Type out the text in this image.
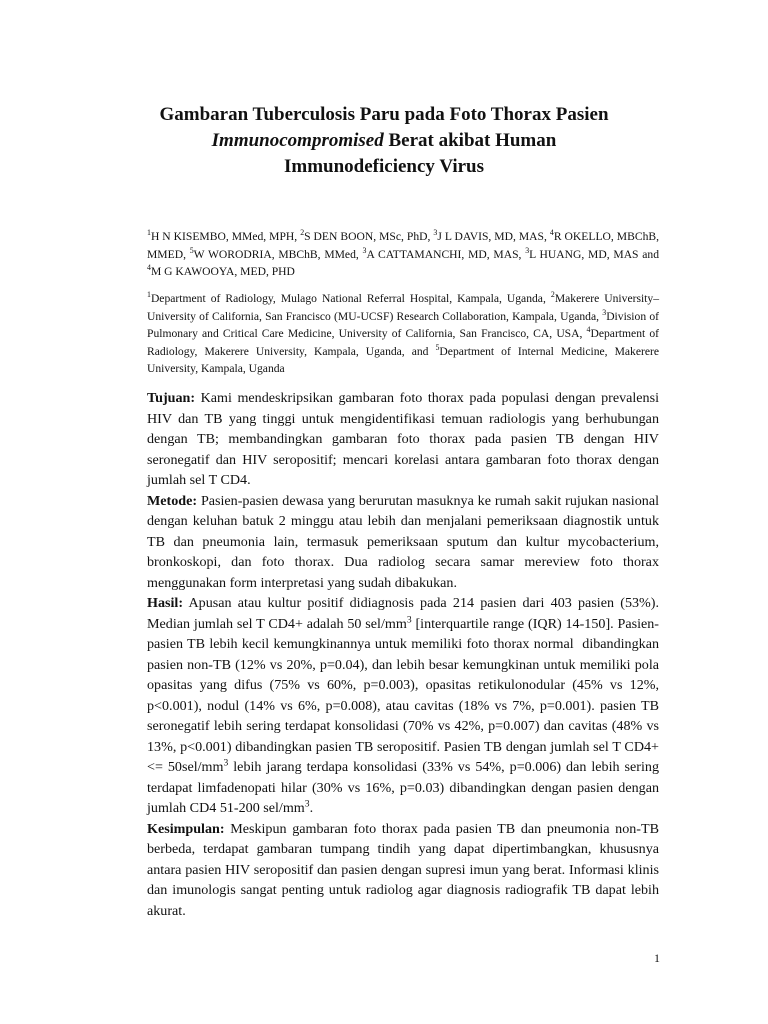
Gambaran Tuberculosis Paru pada Foto Thorax Pasien
Immunocompromised Berat akibat Human
Immunodeficiency Virus
$^1$H N KISEMBO, MMed, MPH, $^2$S DEN BOON, MSc, PhD, $^3$J L DAVIS, MD, MAS, $^4$R OKELLO, MBChB, MMED, $^5$W WORODRIA, MBChB, MMed, $^3$A CATTAMANCHI, MD, MAS, $^3$L HUANG, MD, MAS and $^4$M G KAWOOYA, MED, PHD
$^1$Department of Radiology, Mulago National Referral Hospital, Kampala, Uganda, $^2$Makerere University–University of California, San Francisco (MU-UCSF) Research Collaboration, Kampala, Uganda, $^3$Division of Pulmonary and Critical Care Medicine, University of California, San Francisco, CA, USA, $^4$Department of Radiology, Makerere University, Kampala, Uganda, and $^5$Department of Internal Medicine, Makerere University, Kampala, Uganda

Tujuan: Kami mendeskripsikan gambaran foto thorax pada populasi dengan prevalensi HIV dan TB yang tinggi untuk mengidentifikasi temuan radiologis yang berhubungan dengan TB; membandingkan gambaran foto thorax pada pasien TB dengan HIV seronegatif dan HIV seropositif; mencari korelasi antara gambaran foto thorax dengan jumlah sel T CD4.

Metode: Pasien-pasien dewasa yang berurutan masuknya ke rumah sakit rujukan nasional dengan keluhan batuk 2 minggu atau lebih dan menjalani pemeriksaan diagnostik untuk TB dan pneumonia lain, termasuk pemeriksaan sputum dan kultur mycobacterium, bronkoskopi, dan foto thorax. Dua radiolog secara samar mereview foto thorax menggunakan form interpretasi yang sudah dibakukan.

Hasil: Apusan atau kultur positif didiagnosis pada 214 pasien dari 403 pasien (53%). Median jumlah sel T CD4+ adalah 50 sel/$mm^3$ [interquartile range (IQR) 14-150]. Pasien-pasien TB lebih kecil kemungkinannya untuk memiliki foto thorax normal  dibandingkan pasien non-TB (12% vs 20%, p=0.04), dan lebih besar kemungkinan untuk memiliki pola opasitas yang difus (75% vs 60%, p=0.003), opasitas retikulonodular (45% vs 12%, p<0.001), nodul (14% vs 6%, p=0.008), atau cavitas (18% vs 7%, p=0.001). pasien TB seronegatif lebih sering terdapat konsolidasi (70% vs 42%, p=0.007) dan cavitas (48% vs 13%, p<0.001) dibandingkan pasien TB seropositif. Pasien TB dengan jumlah sel T $CD4+ <= 50sel/mm^3$ lebih jarang terdapa konsolidasi (33% vs 54%, p=0.006) dan lebih sering terdapat limfadenopati hilar (30% vs 16%, p=0.03) dibandingkan dengan pasien dengan jumlah CD4 51-200 sel/$mm^3$.

Kesimpulan: Meskipun gambaran foto thorax pada pasien TB dan pneumonia non-TB berbeda, terdapat gambaran tumpang tindih yang dapat dipertimbangkan, khususnya antara pasien HIV seropositif dan pasien dengan supresi imun yang berat. Informasi klinis dan imunologis sangat penting untuk radiolog agar diagnosis radiografik TB dapat lebih akurat.

1
